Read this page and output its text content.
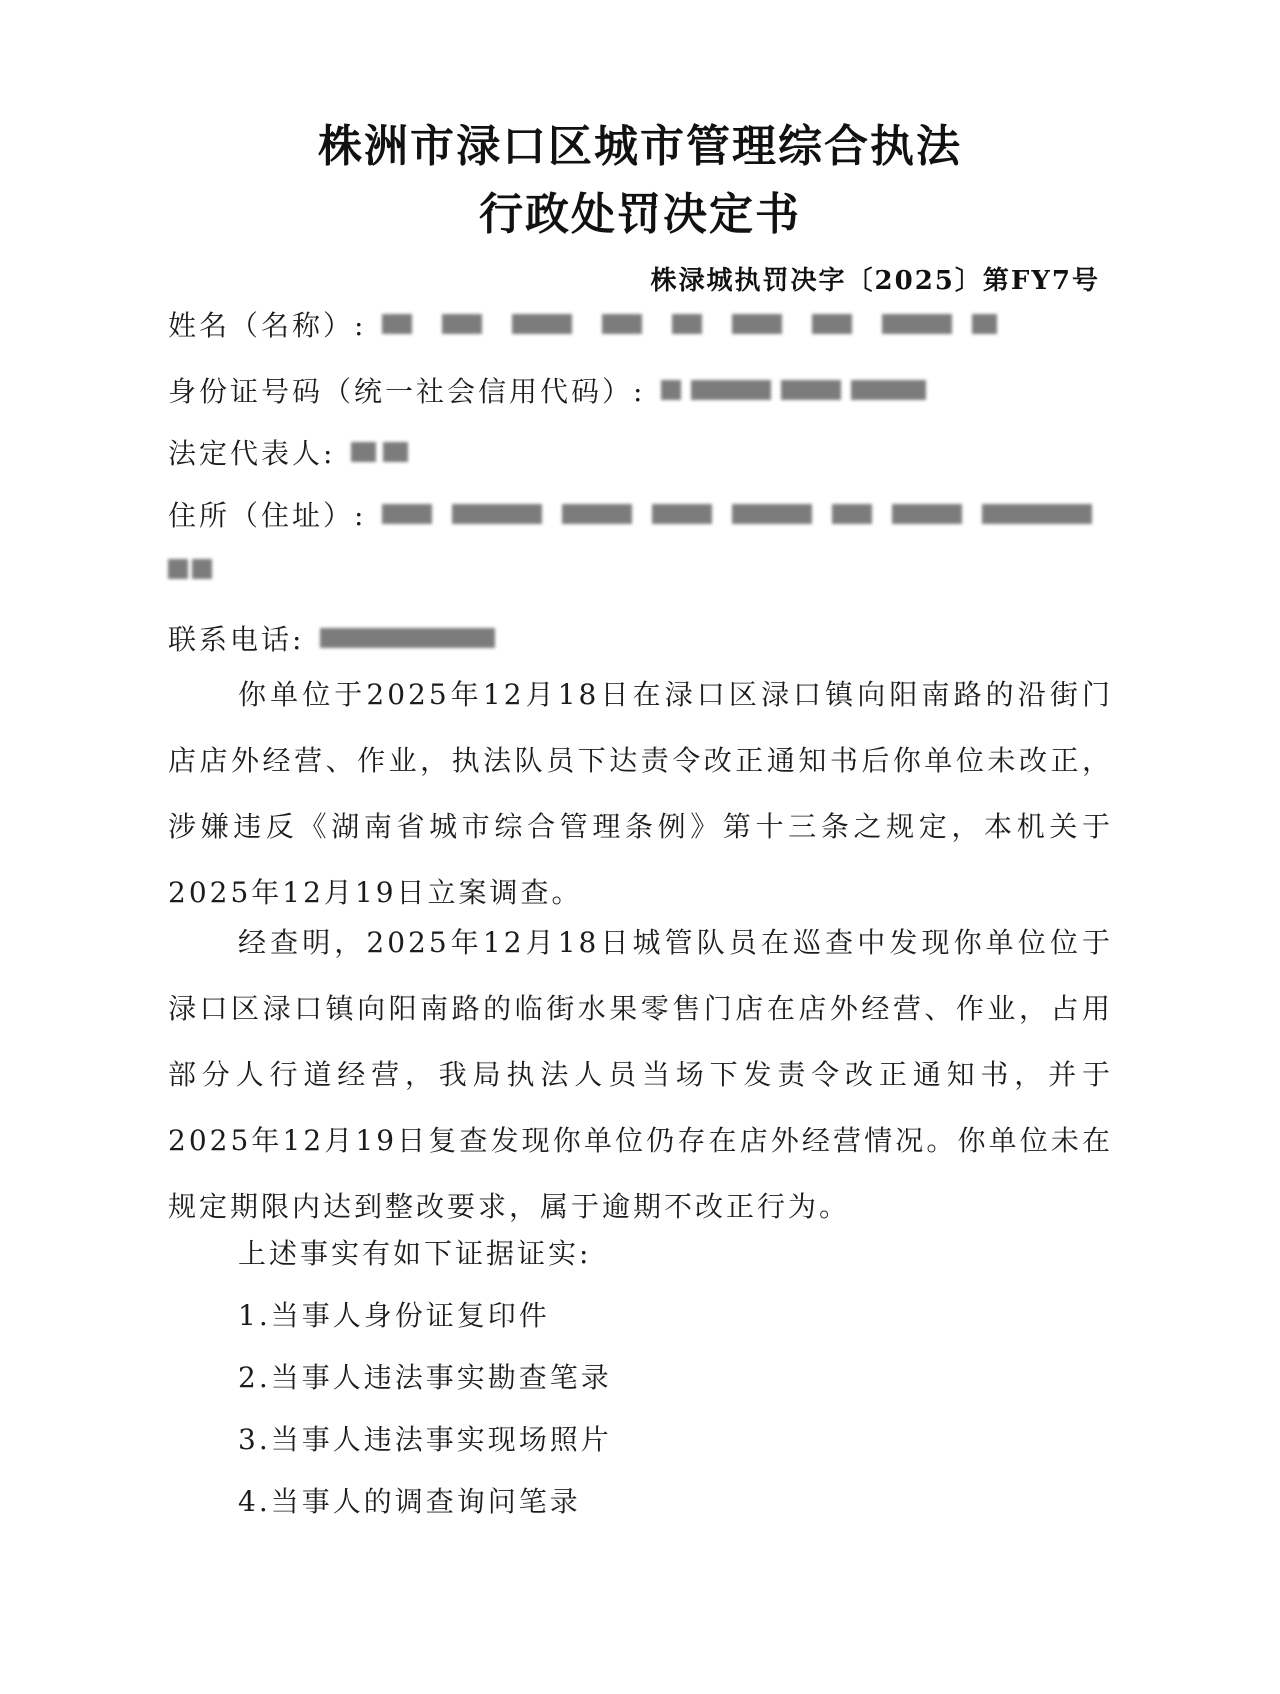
株洲市渌口区城市管理综合执法
行政处罚决定书
株渌城执罚决字〔2025〕第FY7号
姓名（名称）:
身份证号码（统一社会信用代码）:
法定代表人:
住所（住址）:
联系电话:

你单位于2025年12月18日在渌口区渌口镇向阳南路的沿街门店店外经营、作业，执法队员下达责令改正通知书后你单位未改正，涉嫌违反《湖南省城市综合管理条例》第十三条之规定，本机关于2025年12月19日立案调查。

经查明，2025年12月18日城管队员在巡查中发现你单位位于渌口区渌口镇向阳南路的临街水果零售门店在店外经营、作业，占用部分人行道经营，我局执法人员当场下发责令改正通知书，并于2025年12月19日复查发现你单位仍存在店外经营情况。你单位未在规定期限内达到整改要求，属于逾期不改正行为。

上述事实有如下证据证实:
1.当事人身份证复印件
2.当事人违法事实勘查笔录
3.当事人违法事实现场照片
4.当事人的调查询问笔录
